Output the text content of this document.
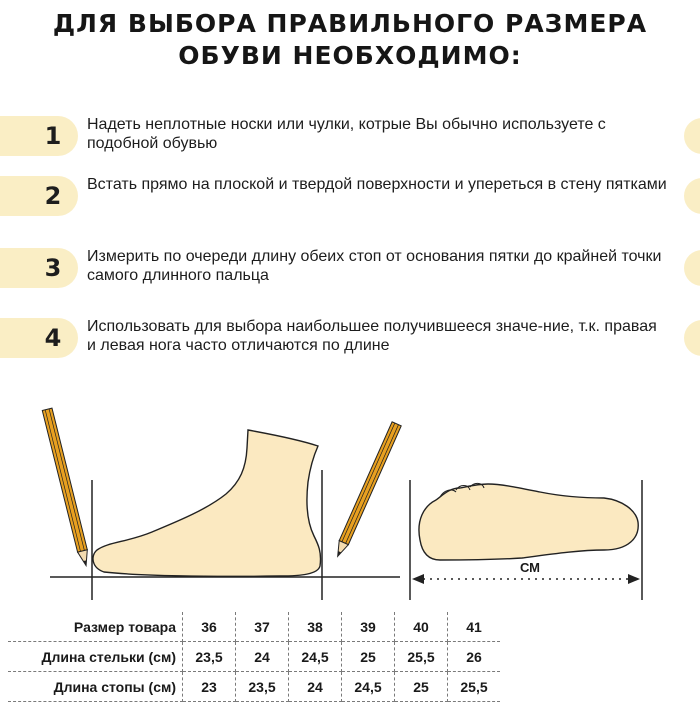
ДЛЯ ВЫБОРА ПРАВИЛЬНОГО РАЗМЕРА
ОБУВИ НЕОБХОДИМО:
1	Надеть неплотные носки или чулки, котрые Вы обычно используете с подобной обувью
2	Встать прямо на плоской и твердой поверхности и упереться в стену пятками
3	Измерить по очереди длину обеих стоп от основания пятки до крайней точки самого длинного пальца
4	Использовать для выбора наибольшее получившееся значе-ние, т.к. правая и левая нога часто отличаются по длине
СМ
Размер товара	36	37	38	39	40	41
Длина стельки (см)	23,5	24	24,5	25	25,5	26
Длина стопы (см)	23	23,5	24	24,5	25	25,5
